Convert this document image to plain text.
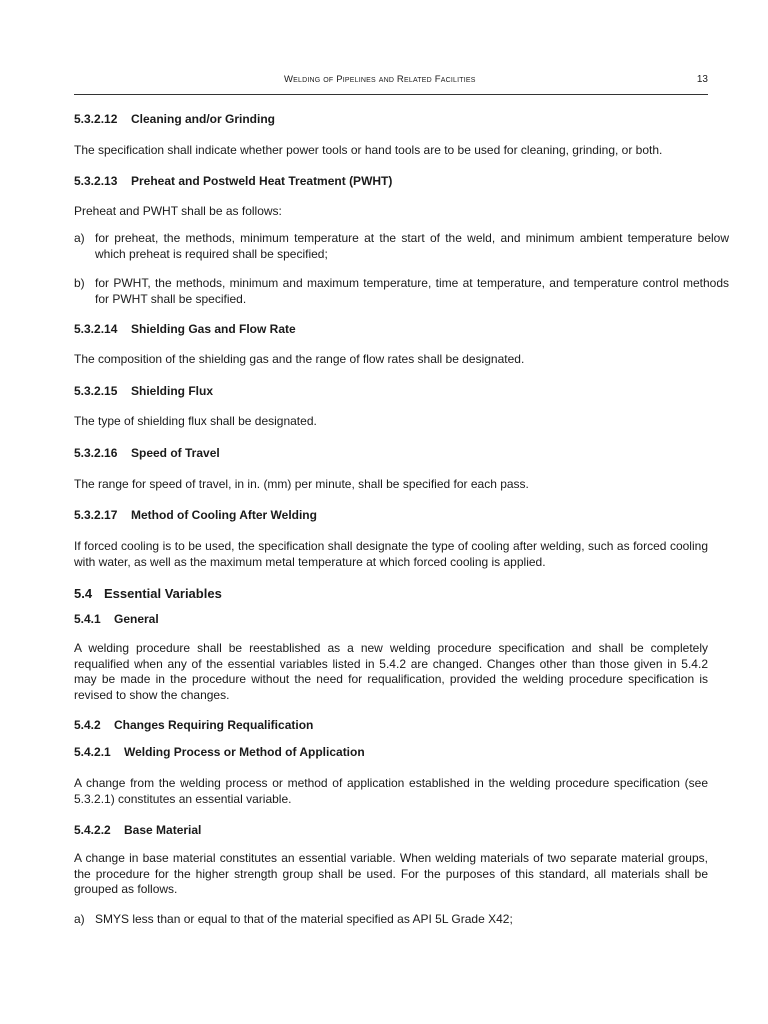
Welding of Pipelines and Related Facilities	13
5.3.2.12 Cleaning and/or Grinding
The specification shall indicate whether power tools or hand tools are to be used for cleaning, grinding, or both.
5.3.2.13 Preheat and Postweld Heat Treatment (PWHT)
Preheat and PWHT shall be as follows:
a) for preheat, the methods, minimum temperature at the start of the weld, and minimum ambient temperature below which preheat is required shall be specified;
b) for PWHT, the methods, minimum and maximum temperature, time at temperature, and temperature control methods for PWHT shall be specified.
5.3.2.14 Shielding Gas and Flow Rate
The composition of the shielding gas and the range of flow rates shall be designated.
5.3.2.15 Shielding Flux
The type of shielding flux shall be designated.
5.3.2.16 Speed of Travel
The range for speed of travel, in in. (mm) per minute, shall be specified for each pass.
5.3.2.17 Method of Cooling After Welding
If forced cooling is to be used, the specification shall designate the type of cooling after welding, such as forced cooling with water, as well as the maximum metal temperature at which forced cooling is applied.
5.4 Essential Variables
5.4.1 General
A welding procedure shall be reestablished as a new welding procedure specification and shall be completely requalified when any of the essential variables listed in 5.4.2 are changed. Changes other than those given in 5.4.2 may be made in the procedure without the need for requalification, provided the welding procedure specification is revised to show the changes.
5.4.2 Changes Requiring Requalification
5.4.2.1 Welding Process or Method of Application
A change from the welding process or method of application established in the welding procedure specification (see 5.3.2.1) constitutes an essential variable.
5.4.2.2 Base Material
A change in base material constitutes an essential variable. When welding materials of two separate material groups, the procedure for the higher strength group shall be used. For the purposes of this standard, all materials shall be grouped as follows.
a) SMYS less than or equal to that of the material specified as API 5L Grade X42;
